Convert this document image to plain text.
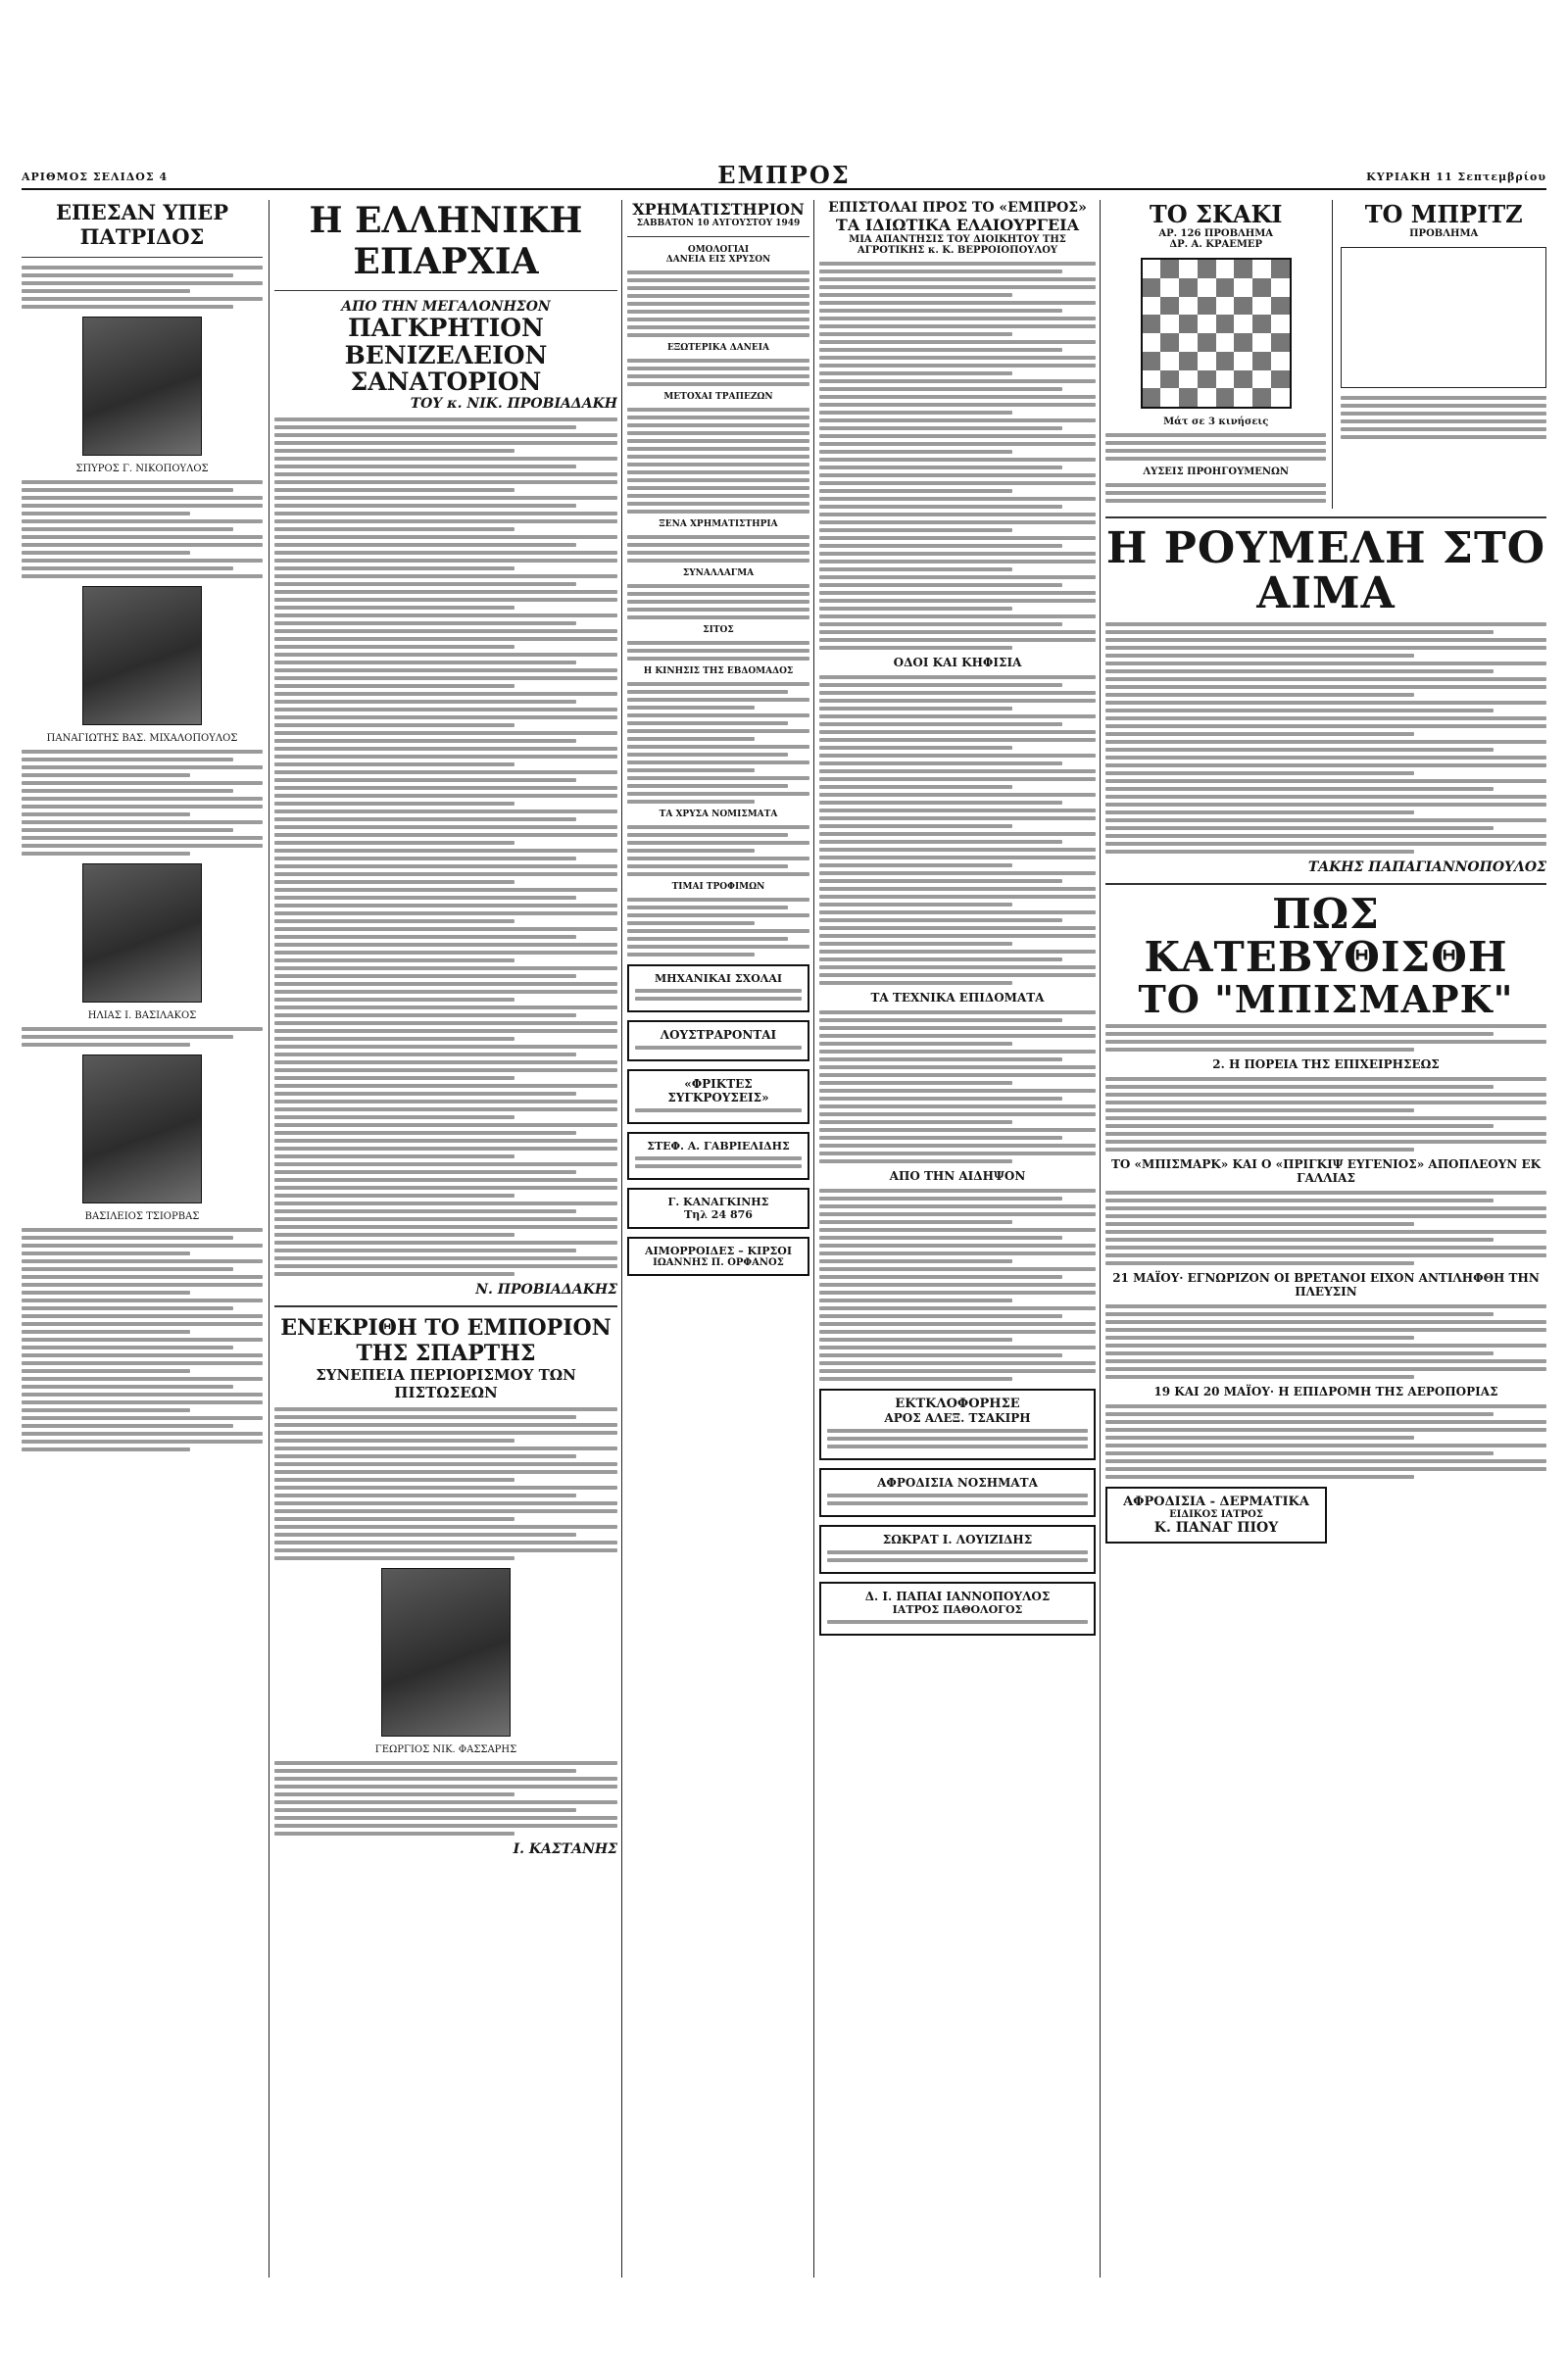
ΑΡΙΘΜΟΣ ΣΕΛΙΔΟΣ 4	ΕΜΠΡΟΣ	ΚΥΡΙΑΚΗ 11 Σεπτεμβρίου
ΕΠΕΣΑΝ ΥΠΕΡ ΠΑΤΡΙΔΟΣ
ΣΠΥΡΟΣ Γ. ΝΙΚΟΠΟΥΛΟΣ
ΠΑΝΑΓΙΩΤΗΣ ΒΑΣ. ΜΙΧΑΛΟΠΟΥΛΟΣ
ΗΛΙΑΣ Ι. ΒΑΣΙΛΑΚΟΣ
ΒΑΣΙΛΕΙΟΣ ΤΣΙΟΡΒΑΣ
Η ΕΛΛΗΝΙΚΗ ΕΠΑΡΧΙΑ
ΑΠΟ ΤΗΝ ΜΕΓΑΛΟΝΗΣΟΝ
ΠΑΓΚΡΗΤΙΟΝ ΒΕΝΙΖΕΛΕΙΟΝ ΣΑΝΑΤΟΡΙΟΝ
ΤΟΥ κ. ΝΙΚ. ΠΡΟΒΙΑΔΑΚΗ
Ν. ΠΡΟΒΙΑΔΑΚΗΣ
ΕΝΕΚΡΙΘΗ ΤΟ ΕΜΠΟΡΙΟΝ ΤΗΣ ΣΠΑΡΤΗΣ
ΣΥΝΕΠΕΙΑ ΠΕΡΙΟΡΙΣΜΟΥ ΤΩΝ ΠΙΣΤΩΣΕΩΝ
ΓΕΩΡΓΙΟΣ ΝΙΚ. ΦΑΣΣΑΡΗΣ
Ι. ΚΑΣΤΑΝΗΣ
ΧΡΗΜΑΤΙΣΤΗΡΙΟΝ
ΣΑΒΒΑΤΟΝ 10 ΑΥΓΟΥΣΤΟΥ 1949
ΟΜΟΛΟΓΙΑΙ
ΔΑΝΕΙΑ ΕΙΣ ΧΡΥΣΟΝ
ΕΞΩΤΕΡΙΚΑ ΔΑΝΕΙΑ
ΜΕΤΟΧΑΙ ΤΡΑΠΕΖΩΝ
ΞΕΝΑ ΧΡΗΜΑΤΙΣΤΗΡΙΑ
ΣΥΝΑΛΛΑΓΜΑ
ΣΙΤΟΣ
Η ΚΙΝΗΣΙΣ ΤΗΣ ΕΒΔΟΜΑΔΟΣ
ΤΑ ΧΡΥΣΑ ΝΟΜΙΣΜΑΤΑ
ΤΙΜΑΙ ΤΡΟΦΙΜΩΝ
ΜΗΧΑΝΙΚΑΙ ΣΧΟΛΑΙ
ΛΟΥΣΤΡΑΡΟΝΤΑΙ
«ΦΡΙΚΤΕΣ ΣΥΓΚΡΟΥΣΕΙΣ»
ΣΤΕΦ. Α. ΓΑΒΡΙΕΛΙΔΗΣ
Γ. ΚΑΝΑΓΚΙΝΗΣ
Τηλ 24 876
ΑΙΜΟΡΡΟΙΔΕΣ – ΚΙΡΣΟΙ
ΙΩΑΝΝΗΣ Π. ΟΡΦΑΝΟΣ
ΕΠΙΣΤΟΛΑΙ ΠΡΟΣ ΤΟ «ΕΜΠΡΟΣ»
ΤΑ ΙΔΙΩΤΙΚΑ ΕΛΑΙΟΥΡΓΕΙΑ
ΜΙΑ ΑΠΑΝΤΗΣΙΣ ΤΟΥ ΔΙΟΙΚΗΤΟΥ ΤΗΣ ΑΓΡΟΤΙΚΗΣ κ. Κ. ΒΕΡΡΟΙΟΠΟΥΛΟΥ
ΟΔΟΙ ΚΑΙ ΚΗΦΙΣΙΑ
ΤΑ ΤΕΧΝΙΚΑ ΕΠΙΔΟΜΑΤΑ
ΑΠΟ ΤΗΝ ΑΙΔΗΨΟΝ
ΕΚΤΚΛΟΦΟΡΗΣΕ
ΑΡΟΣ ΑΛΕΞ. ΤΣΑΚΙΡΗ
ΑΦΡΟΔΙΣΙΑ ΝΟΣΗΜΑΤΑ
ΣΩΚΡΑΤ Ι. ΛΟΥΙΖΙΔΗΣ
Δ. Ι. ΠΑΠΑΙ ΙΑΝΝΟΠΟΥΛΟΣ
ΙΑΤΡΟΣ ΠΑΘΟΛΟΓΟΣ
ΤΟ ΣΚΑΚΙ
ΑΡ. 126 ΠΡΟΒΛΗΜΑ
ΔΡ. Α. ΚΡΑΕΜΕΡ
Μάτ σε 3 κινήσεις
ΛΥΣΕΙΣ ΠΡΟΗΓΟΥΜΕΝΩΝ
ΤΟ ΜΠΡΙΤΖ
ΠΡΟΒΛΗΜΑ
Η ΡΟΥΜΕΛΗ ΣΤΟ ΑΙΜΑ
ΤΑΚΗΣ ΠΑΠΑΓΙΑΝΝΟΠΟΥΛΟΣ
ΠΩΣ ΚΑΤΕΒΥΘΙΣΘΗ
ΤΟ "ΜΠΙΣΜΑΡΚ"
2. Η ΠΟΡΕΙΑ ΤΗΣ ΕΠΙΧΕΙΡΗΣΕΩΣ
ΤΟ «ΜΠΙΣΜΑΡΚ» ΚΑΙ Ο «ΠΡΙΓΚΙΨ ΕΥΓΕΝΙΟΣ» ΑΠΟΠΛΕΟΥΝ ΕΚ ΓΑΛΛΙΑΣ
21 ΜΑΪΟΥ· ΕΓΝΩΡΙΖΟΝ ΟΙ ΒΡΕΤΑΝΟΙ ΕΙΧΟΝ ΑΝΤΙΛΗΦΘΗ ΤΗΝ ΠΛΕΥΣΙΝ
19 ΚΑΙ 20 ΜΑΪΟΥ· Η ΕΠΙΔΡΟΜΗ ΤΗΣ ΑΕΡΟΠΟΡΙΑΣ
ΑΦΡΟΔΙΣΙΑ - ΔΕΡΜΑΤΙΚΑ
ΕΙΔΙΚΟΣ ΙΑΤΡΟΣ
Κ. ΠΑΝΑΓ ΠΙΟΥ
